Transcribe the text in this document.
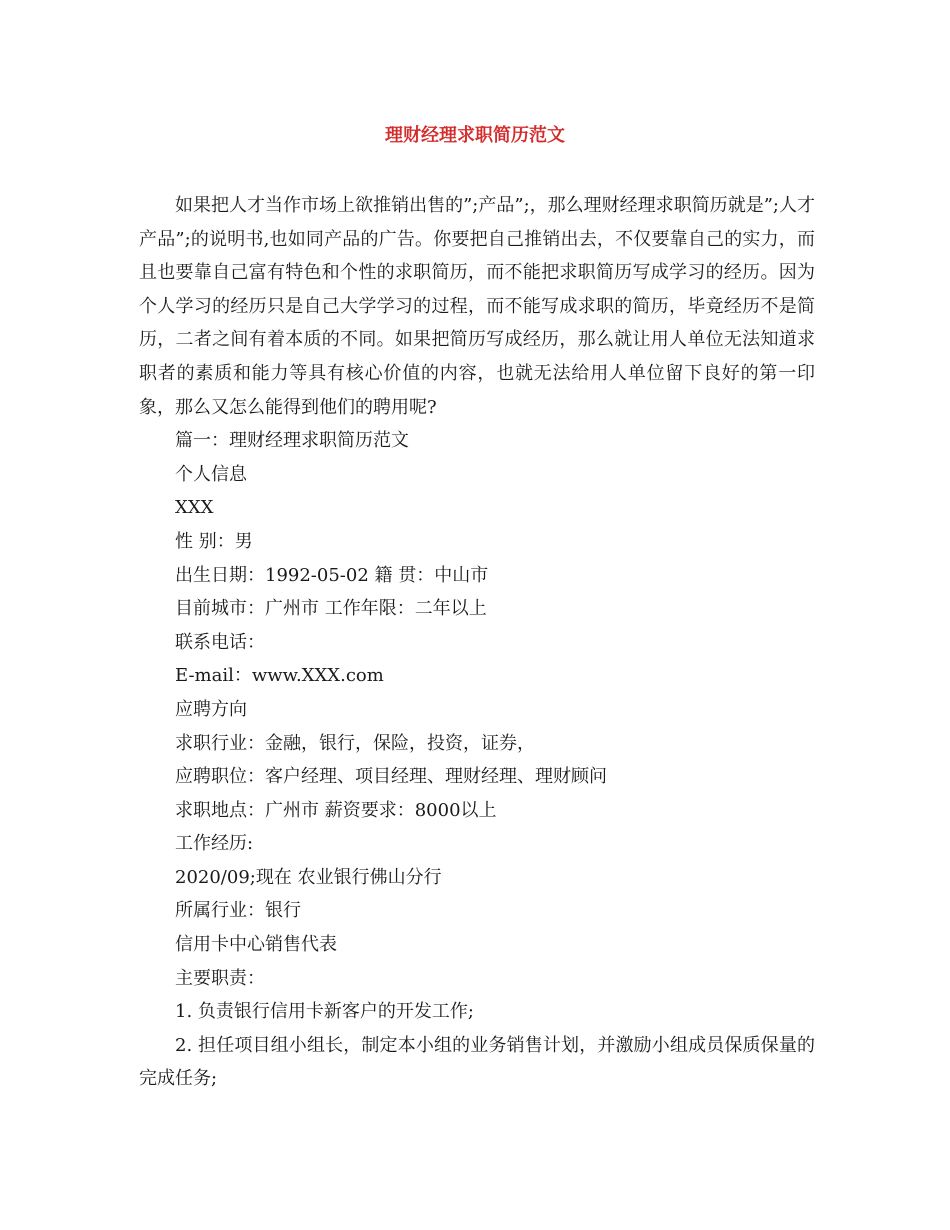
理财经理求职简历范文

如果把人才当作市场上欲推销出售的”;产品”;，那么理财经理求职简历就是”;人才产品”;的说明书,也如同产品的广告。你要把自己推销出去，不仅要靠自己的实力，而且也要靠自己富有特色和个性的求职简历，而不能把求职简历写成学习的经历。因为个人学习的经历只是自己大学学习的过程，而不能写成求职的简历，毕竟经历不是简历，二者之间有着本质的不同。如果把简历写成经历，那么就让用人单位无法知道求职者的素质和能力等具有核心价值的内容，也就无法给用人单位留下良好的第一印象，那么又怎么能得到他们的聘用呢?

篇一：理财经理求职简历范文

个人信息

XXX

性 别：男

出生日期：1992-05-02 籍 贯：中山市

目前城市：广州市 工作年限：二年以上

联系电话：

E-mail：www.XXX.com

应聘方向

求职行业：金融，银行，保险，投资，证券，

应聘职位：客户经理、项目经理、理财经理、理财顾问

求职地点：广州市 薪资要求：8000以上

工作经历:

2020/09;现在 农业银行佛山分行

所属行业：银行

信用卡中心销售代表

主要职责：

1. 负责银行信用卡新客户的开发工作;

2. 担任项目组小组长，制定本小组的业务销售计划，并激励小组成员保质保量的完成任务;
